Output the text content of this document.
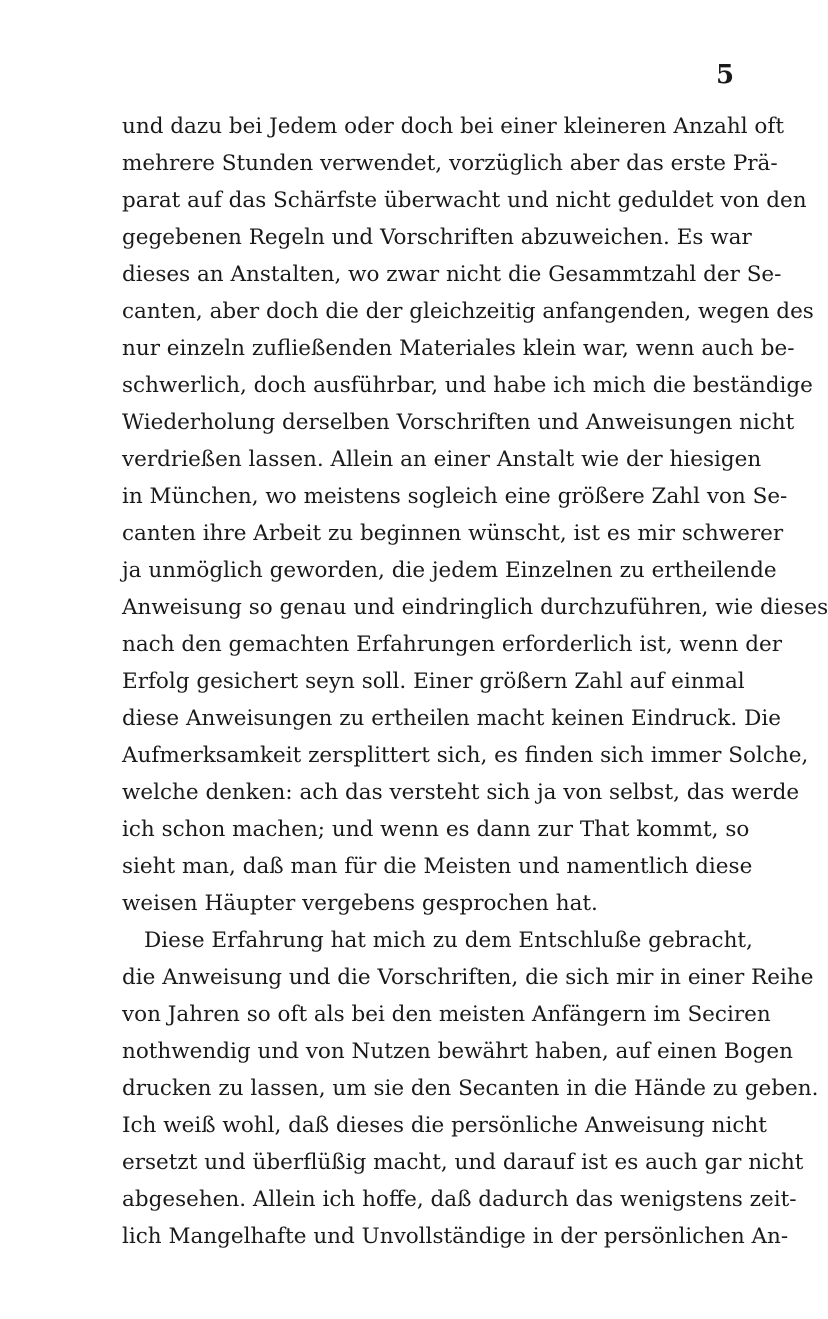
5
und dazu bei Jedem oder doch bei einer kleineren Anzahl oft
mehrere Stunden verwendet, vorzüglich aber das erste Prä-
parat auf das Schärfste überwacht und nicht geduldet von den
gegebenen Regeln und Vorschriften abzuweichen. Es war
dieses an Anstalten, wo zwar nicht die Gesammtzahl der Se-
canten, aber doch die der gleichzeitig anfangenden, wegen des
nur einzeln zufließenden Materiales klein war, wenn auch be-
schwerlich, doch ausführbar, und habe ich mich die beständige
Wiederholung derselben Vorschriften und Anweisungen nicht
verdrießen lassen. Allein an einer Anstalt wie der hiesigen
in München, wo meistens sogleich eine größere Zahl von Se-
canten ihre Arbeit zu beginnen wünscht, ist es mir schwerer
ja unmöglich geworden, die jedem Einzelnen zu ertheilende
Anweisung so genau und eindringlich durchzuführen, wie dieses
nach den gemachten Erfahrungen erforderlich ist, wenn der
Erfolg gesichert seyn soll. Einer größern Zahl auf einmal
diese Anweisungen zu ertheilen macht keinen Eindruck. Die
Aufmerksamkeit zersplittert sich, es finden sich immer Solche,
welche denken: ach das versteht sich ja von selbst, das werde
ich schon machen; und wenn es dann zur That kommt, so
sieht man, daß man für die Meisten und namentlich diese
weisen Häupter vergebens gesprochen hat.
Diese Erfahrung hat mich zu dem Entschluße gebracht,
die Anweisung und die Vorschriften, die sich mir in einer Reihe
von Jahren so oft als bei den meisten Anfängern im Seciren
nothwendig und von Nutzen bewährt haben, auf einen Bogen
drucken zu lassen, um sie den Secanten in die Hände zu geben.
Ich weiß wohl, daß dieses die persönliche Anweisung nicht
ersetzt und überflüßig macht, und darauf ist es auch gar nicht
abgesehen. Allein ich hoffe, daß dadurch das wenigstens zeit-
lich Mangelhafte und Unvollständige in der persönlichen An-
